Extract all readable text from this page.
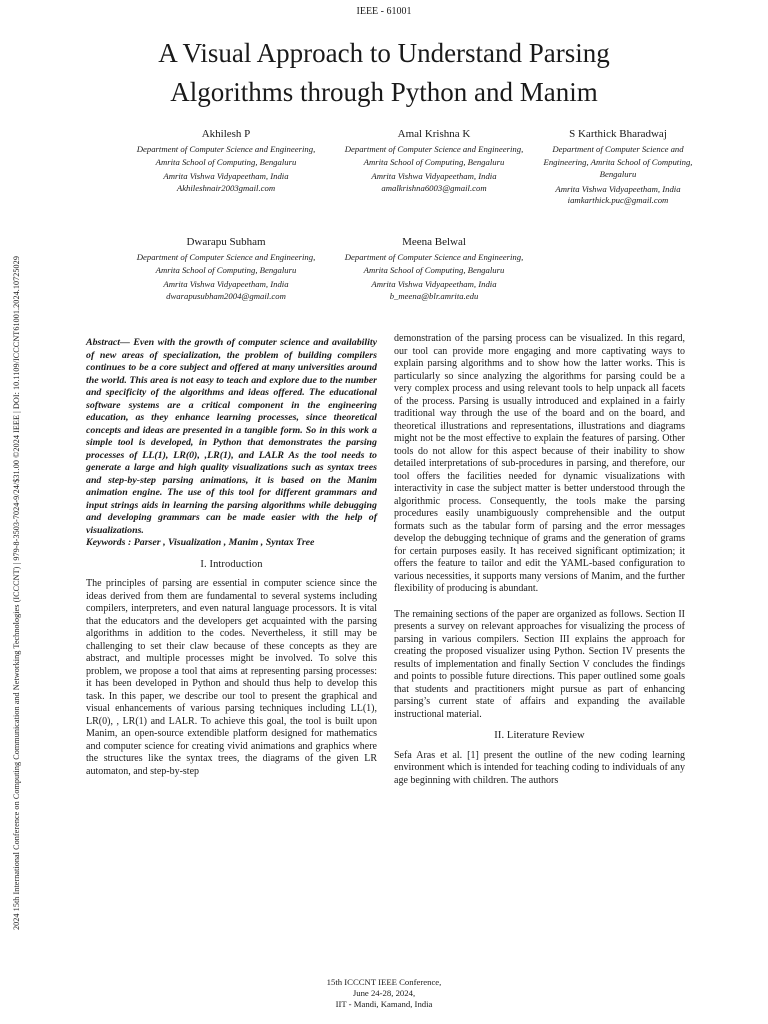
IEEE - 61001
2024 15th International Conference on Computing Communication and Networking Technologies (ICCCNT) | 979-8-3503-7024-9/24/$31.00 ©2024 IEEE | DOI: 10.1109/ICCCNT61001.2024.10725029
A Visual Approach to Understand Parsing Algorithms through Python and Manim
Akhilesh P
Department of Computer Science and Engineering, Amrita School of Computing, Bengaluru
Amrita Vishwa Vidyapeetham, India
Akhileshnair2003gmail.com
Amal Krishna K
Department of Computer Science and Engineering, Amrita School of Computing, Bengaluru
Amrita Vishwa Vidyapeetham, India
amalkrishna6003@gmail.com
S Karthick Bharadwaj
Department of Computer Science and Engineering, Amrita School of Computing, Bengaluru
Amrita Vishwa Vidyapeetham, India
iamkarthick.puc@gmail.com
Dwarapu Subham
Department of Computer Science and Engineering, Amrita School of Computing, Bengaluru
Amrita Vishwa Vidyapeetham, India
dwarapusubham2004@gmail.com
Meena Belwal
Department of Computer Science and Engineering, Amrita School of Computing, Bengaluru
Amrita Vishwa Vidyapeetham, India
b_meena@blr.amrita.edu

Abstract— Even with the growth of computer science and availability of new areas of specialization, the problem of building compilers continues to be a core subject and offered at many universities around the world. This area is not easy to teach and explore due to the number and specificity of the algorithms and ideas offered. The educational software systems are a critical component in the engineering education, as they enhance learning processes, since theoretical concepts and ideas are presented in a tangible form. So in this work a simple tool is developed, in Python that demonstrates the parsing processes of LL(1), LR(0), ,LR(1), and LALR As the tool needs to generate a large and high quality visualizations such as syntax trees and step-by-step parsing animations, it is based on the Manim animation engine. The use of this tool for different grammars and input strings aids in learning the parsing algorithms while debugging and developing grammars can be made easier with the help of visualizations.

Keywords : Parser , Visualization , Manim , Syntax Tree

I. Introduction

The principles of parsing are essential in computer science since the ideas derived from them are fundamental to several systems including compilers, interpreters, and even natural language processors. It is vital that the educators and the developers get acquainted with the parsing algorithms in addition to the codes. Nevertheless, it still may be challenging to set their claw because of these concepts as they are abstract, and multiple processes might be involved. To solve this problem, we propose a tool that aims at representing parsing processes: it has been developed in Python and should thus help to develop this task. In this paper, we describe our tool to present the graphical and visual enhancements of various parsing techniques including LL(1), LR(0), , LR(1) and LALR. To achieve this goal, the tool is built upon Manim, an open-source extendible platform designed for mathematics and computer science for creating vivid animations and graphics where the structures like the syntax trees, the diagrams of the given LR automaton, and step-by-step

demonstration of the parsing process can be visualized. In this regard, our tool can provide more engaging and more captivating ways to explain parsing algorithms and to show how the latter works. This is particularly so since analyzing the algorithms for parsing could be a very complex process and using relevant tools to help unpack all facets of the process. Parsing is usually introduced and explained in a fairly traditional way through the use of the board and on the board, and theoretical illustrations and representations, illustrations and diagrams might not be the most effective to explain the features of parsing. Other tools do not allow for this aspect because of their inability to show detailed interpretations of sub-procedures in parsing, and therefore, our tool offers the facilities needed for dynamic visualizations with interactivity in case the subject matter is better understood through the algorithmic process. Consequently, the tools make the parsing procedures easily unambiguously comprehensible and the output formats such as the tabular form of parsing and the error messages develop the debugging technique of grams and the generation of grams for certain purposes easily. It has received significant optimization; it offers the feature to tailor and edit the YAML-based configuration to various necessities, it supports many versions of Manim, and the further flexibility of producing is abundant.

The remaining sections of the paper are organized as follows. Section II presents a survey on relevant approaches for visualizing the process of parsing in various compilers. Section III explains the approach for creating the proposed visualizer using Python. Section IV presents the results of implementation and finally Section V concludes the findings and points to possible future directions. This paper outlined some goals that students and practitioners might pursue as part of enhancing parsing’s current state of affairs and expanding the available instructional material.

II. Literature Review

Sefa Aras et al. [1] present the outline of the new coding learning environment which is intended for teaching coding to individuals of any age beginning with children. The authors

15th ICCCNT IEEE Conference,
June 24-28, 2024,
IIT - Mandi, Kamand, India
